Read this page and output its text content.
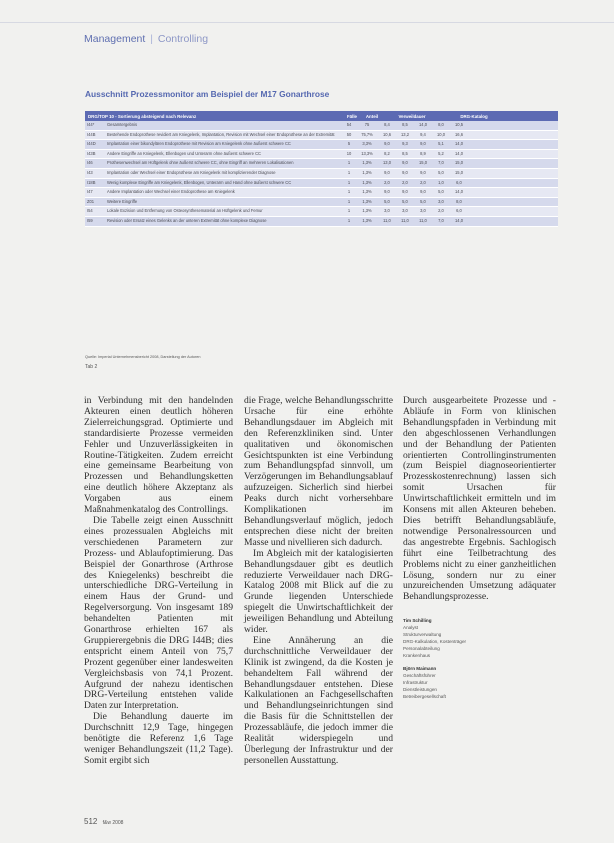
Management | Controlling
Ausschnitt Prozessmonitor am Beispiel der M17 Gonarthrose
DRG/TOP 10 - Sortierung absteigend nach Relevanz	Fälle	Anteil	Verweildauer	DRG-Katalog
I44*	Gesamtergebnis	54	75	8,4	8,5	14,0	8,0	10,5
I44B	Bestehende Endoprothese revidiert am Kniegelenk, Implantation, Revision mit Wechsel einer Endoprothese an der Extremität	50	75,7%	10,6	13,2	9,4	10,0	16,6
I44D	Implantation einer bikondylären Endoprothese mit Revision am Kniegelenk ohne äußerst schwere CC	5	3,3%	9,0	9,3	9,0	5,1	14,0
I43B	Andere Eingriffe an Kniegelenk, Ellenbogen und Unterarm ohne äußerst schwere CC	10	13,3%	8,2	8,5	8,9	5,2	14,0
I46	Prothesenwechsel am Hüftgelenk ohne äußerst schwere CC, ohne Eingriff an mehreren Lokalisationen	1	1,3%	13,0	9,0	15,0	7,0	15,0
I43	Implantation oder Wechsel einer Endoprothese am Kniegelenk mit komplizierender Diagnose	1	1,3%	9,0	9,0	9,0	5,0	15,0
I18B	Wenig komplexe Eingriffe am Kniegelenk, Ellenbogen, Unterarm und Hand ohne äußerst schwere CC	1	1,3%	2,0	2,0	2,0	1,0	6,0
I47	Andere Implantation oder Wechsel einer Endoprothese am Kniegelenk	1	1,3%	9,0	9,0	9,0	5,0	14,0
Z01	Weitere Eingriffe	1	1,3%	5,0	5,0	5,0	3,0	8,0
I54	Lokale Exzision und Entfernung von Osteosynthesematerial an Hüftgelenk und Femur	1	1,3%	3,0	3,0	3,0	2,0	6,0
I59	Revision oder Ersatz eines Gelenks an der unteren Extremität ohne komplexe Diagnose	1	1,3%	11,0	11,0	11,0	7,0	14,0
Quelle: Imperial Unternehmensbericht 2008, Darstellung der Autoren
Tab 2

in Verbindung mit den handelnden Akteuren einen deutlich höheren Zielerreichungsgrad. Optimierte und standardisierte Prozesse vermeiden Fehler und Unzuverlässigkeiten in Routine-Tätigkeiten. Zudem erreicht eine gemeinsame Bearbeitung von Prozessen und Behandlungsketten eine deutlich höhere Akzeptanz als Vorgaben aus einem Maßnahmenkatalog des Controllings.

Die Tabelle zeigt einen Ausschnitt eines prozessualen Abgleichs mit verschiedenen Parametern zur Prozess- und Ablaufoptimierung. Das Beispiel der Gonarthrose (Arthrose des Kniegelenks) beschreibt die unterschiedliche DRG-Verteilung in einem Haus der Grund- und Regelversorgung. Von insgesamt 189 behandelten Patienten mit Gonarthrose erhielten 167 als Gruppierergebnis die DRG I44B; dies entspricht einem Anteil von 75,7 Prozent gegenüber einer landesweiten Vergleichsbasis von 74,1 Prozent. Aufgrund der nahezu identischen DRG-Verteilung entstehen valide Daten zur Interpretation.

Die Behandlung dauerte im Durchschnitt 12,9 Tage, hingegen benötigte die Referenz 1,6 Tage weniger Behandlungszeit (11,2 Tage). Somit ergibt sich

die Frage, welche Behandlungsschritte Ursache für eine erhöhte Behandlungsdauer im Abgleich mit den Referenzkliniken sind. Unter qualitativen und ökonomischen Gesichtspunkten ist eine Verbindung zum Behandlungspfad sinnvoll, um Verzögerungen im Behandlungsablauf aufzuzeigen. Sicherlich sind hierbei Peaks durch nicht vorhersehbare Komplikationen im Behandlungsverlauf möglich, jedoch entsprechen diese nicht der breiten Masse und nivellieren sich dadurch.

Im Abgleich mit der katalogisierten Behandlungsdauer gibt es deutlich reduzierte Verweildauer nach DRG-Katalog 2008 mit Blick auf die zu Grunde liegenden Unterschiede spiegelt die Unwirtschaftlichkeit der jeweiligen Behandlung und Abteilung wider.

Eine Annäherung an die durchschnittliche Verweildauer der Klinik ist zwingend, da die Kosten je behandeltem Fall während der Behandlungsdauer entstehen. Diese Kalkulationen an Fachgesellschaften und Behandlungseinrichtungen sind die Basis für die Schnittstellen der Prozessabläufe, die jedoch immer die Realität widerspiegeln und Überlegung der Infrastruktur und der personellen Ausstattung.

Durch ausgearbeitete Prozesse und -Abläufe in Form von klinischen Behandlungspfaden in Verbindung mit den abgeschlossenen Verhandlungen und der Behandlung der Patienten orientierten Controllinginstrumenten (zum Beispiel diagnoseorientierter Prozesskostenrechnung) lassen sich somit Ursachen für Unwirtschaftlichkeit ermitteln und im Konsens mit allen Akteuren beheben. Dies betrifft Behandlungsabläufe, notwendige Personalressourcen und das angestrebte Ergebnis. Sachlogisch führt eine Teilbetrachtung des Problems nicht zu einer ganzheitlichen Lösung, sondern nur zu einer unzureichenden Umsetzung adäquater Behandlungsprozesse.

Tim Schilling
Analyst
Strukturverwaltung
DRG-Kalkulation, Kostenträger
Personalabteilung
Krankenhaus
Björn Maimann
Geschäftsführer
Infrastruktur
Dienstleistungen
Betreibergesellschaft
512 f&w 2008
